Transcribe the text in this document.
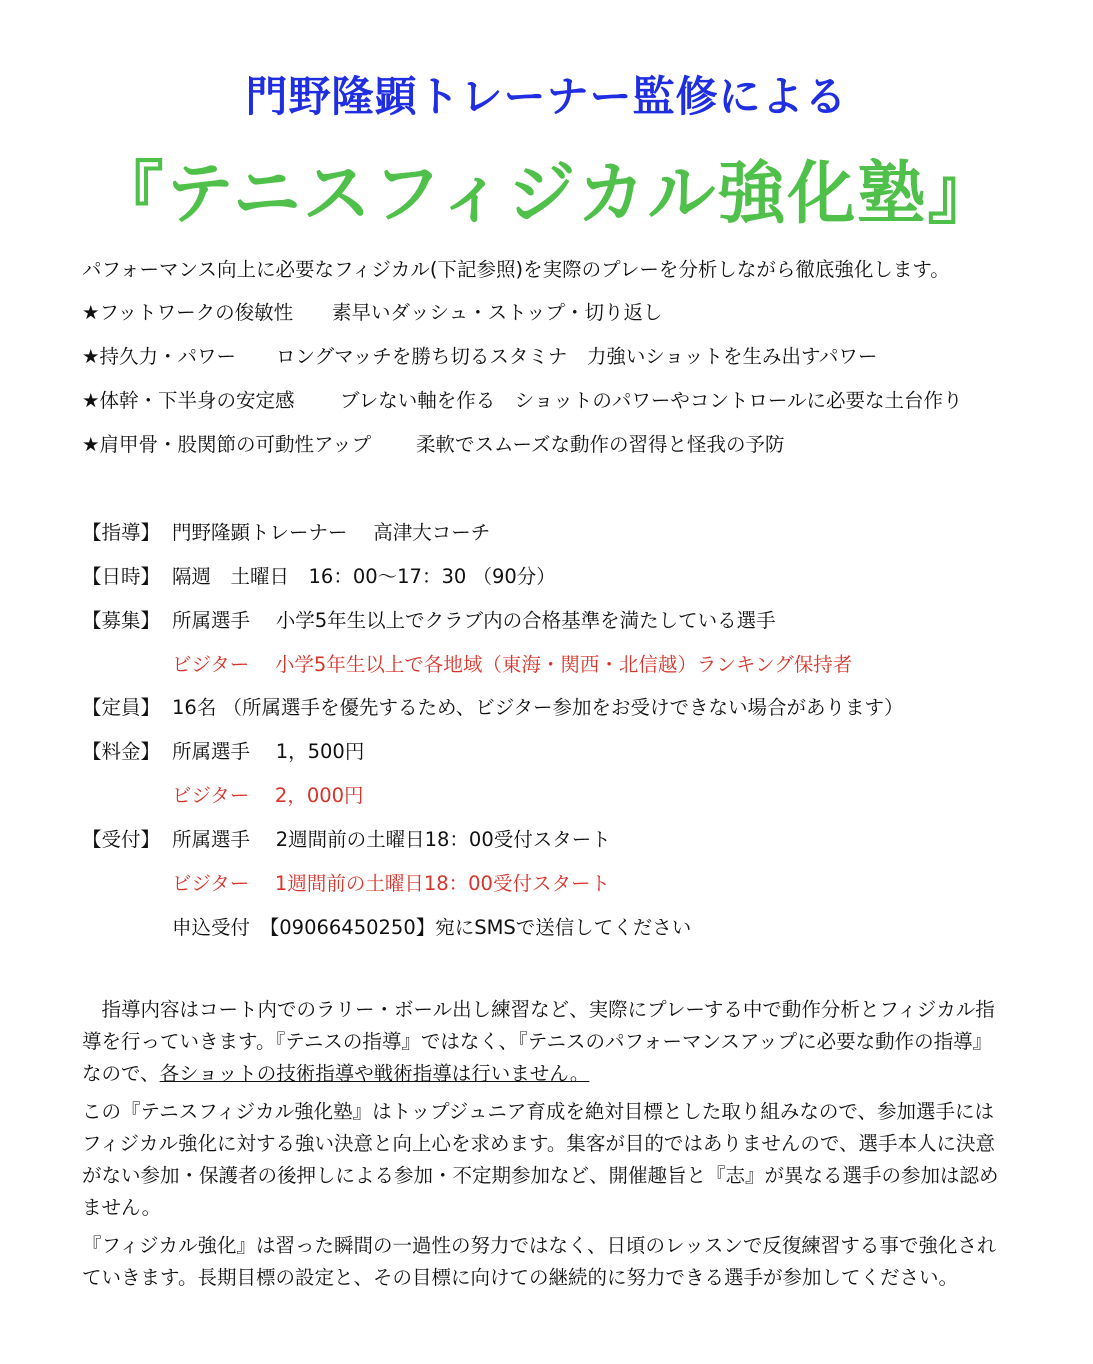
門野隆顕トレーナー監修による
『テニスフィジカル強化塾』
パフォーマンス向上に必要なフィジカル(下記参照)を実際のプレーを分析しながら徹底強化します。
★フットワークの俊敏性 素早いダッシュ・ストップ・切り返し
★持久力・パワー ロングマッチを勝ち切るスタミナ　力強いショットを生み出すパワー
★体幹・下半身の安定感 ブレない軸を作る　ショットのパワーやコントロールに必要な土台作り
★肩甲骨・股関節の可動性アップ 柔軟でスムーズな動作の習得と怪我の予防
【指導】 門野隆顕トレーナー　 高津大コーチ
【日時】 隔週　土曜日　16：00～17：30 （90分）
【募集】 所属選手　 小学5年生以上でクラブ内の合格基準を満たしている選手
ビジター　 小学5年生以上で各地域（東海・関西・北信越）ランキング保持者
【定員】 16名 （所属選手を優先するため、ビジター参加をお受けできない場合があります）
【料金】 所属選手　 1，500円
ビジター　 2，000円
【受付】 所属選手　 2週間前の土曜日18：00受付スタート
ビジター　 1週間前の土曜日18：00受付スタート
申込受付　【09066450250】宛にSMSで送信してください

　指導内容はコート内でのラリー・ボール出し練習など、実際にプレーする中で動作分析とフィジカル指導を行っていきます。『テニスの指導』ではなく、『テニスのパフォーマンスアップに必要な動作の指導』なので、各ショットの技術指導や戦術指導は行いません。

この『テニスフィジカル強化塾』はトップジュニア育成を絶対目標とした取り組みなので、参加選手にはフィジカル強化に対する強い決意と向上心を求めます。集客が目的ではありませんので、選手本人に決意がない参加・保護者の後押しによる参加・不定期参加など、開催趣旨と『志』が異なる選手の参加は認めません。
『フィジカル強化』は習った瞬間の一過性の努力ではなく、日頃のレッスンで反復練習する事で強化されていきます。長期目標の設定と、その目標に向けての継続的に努力できる選手が参加してください。
